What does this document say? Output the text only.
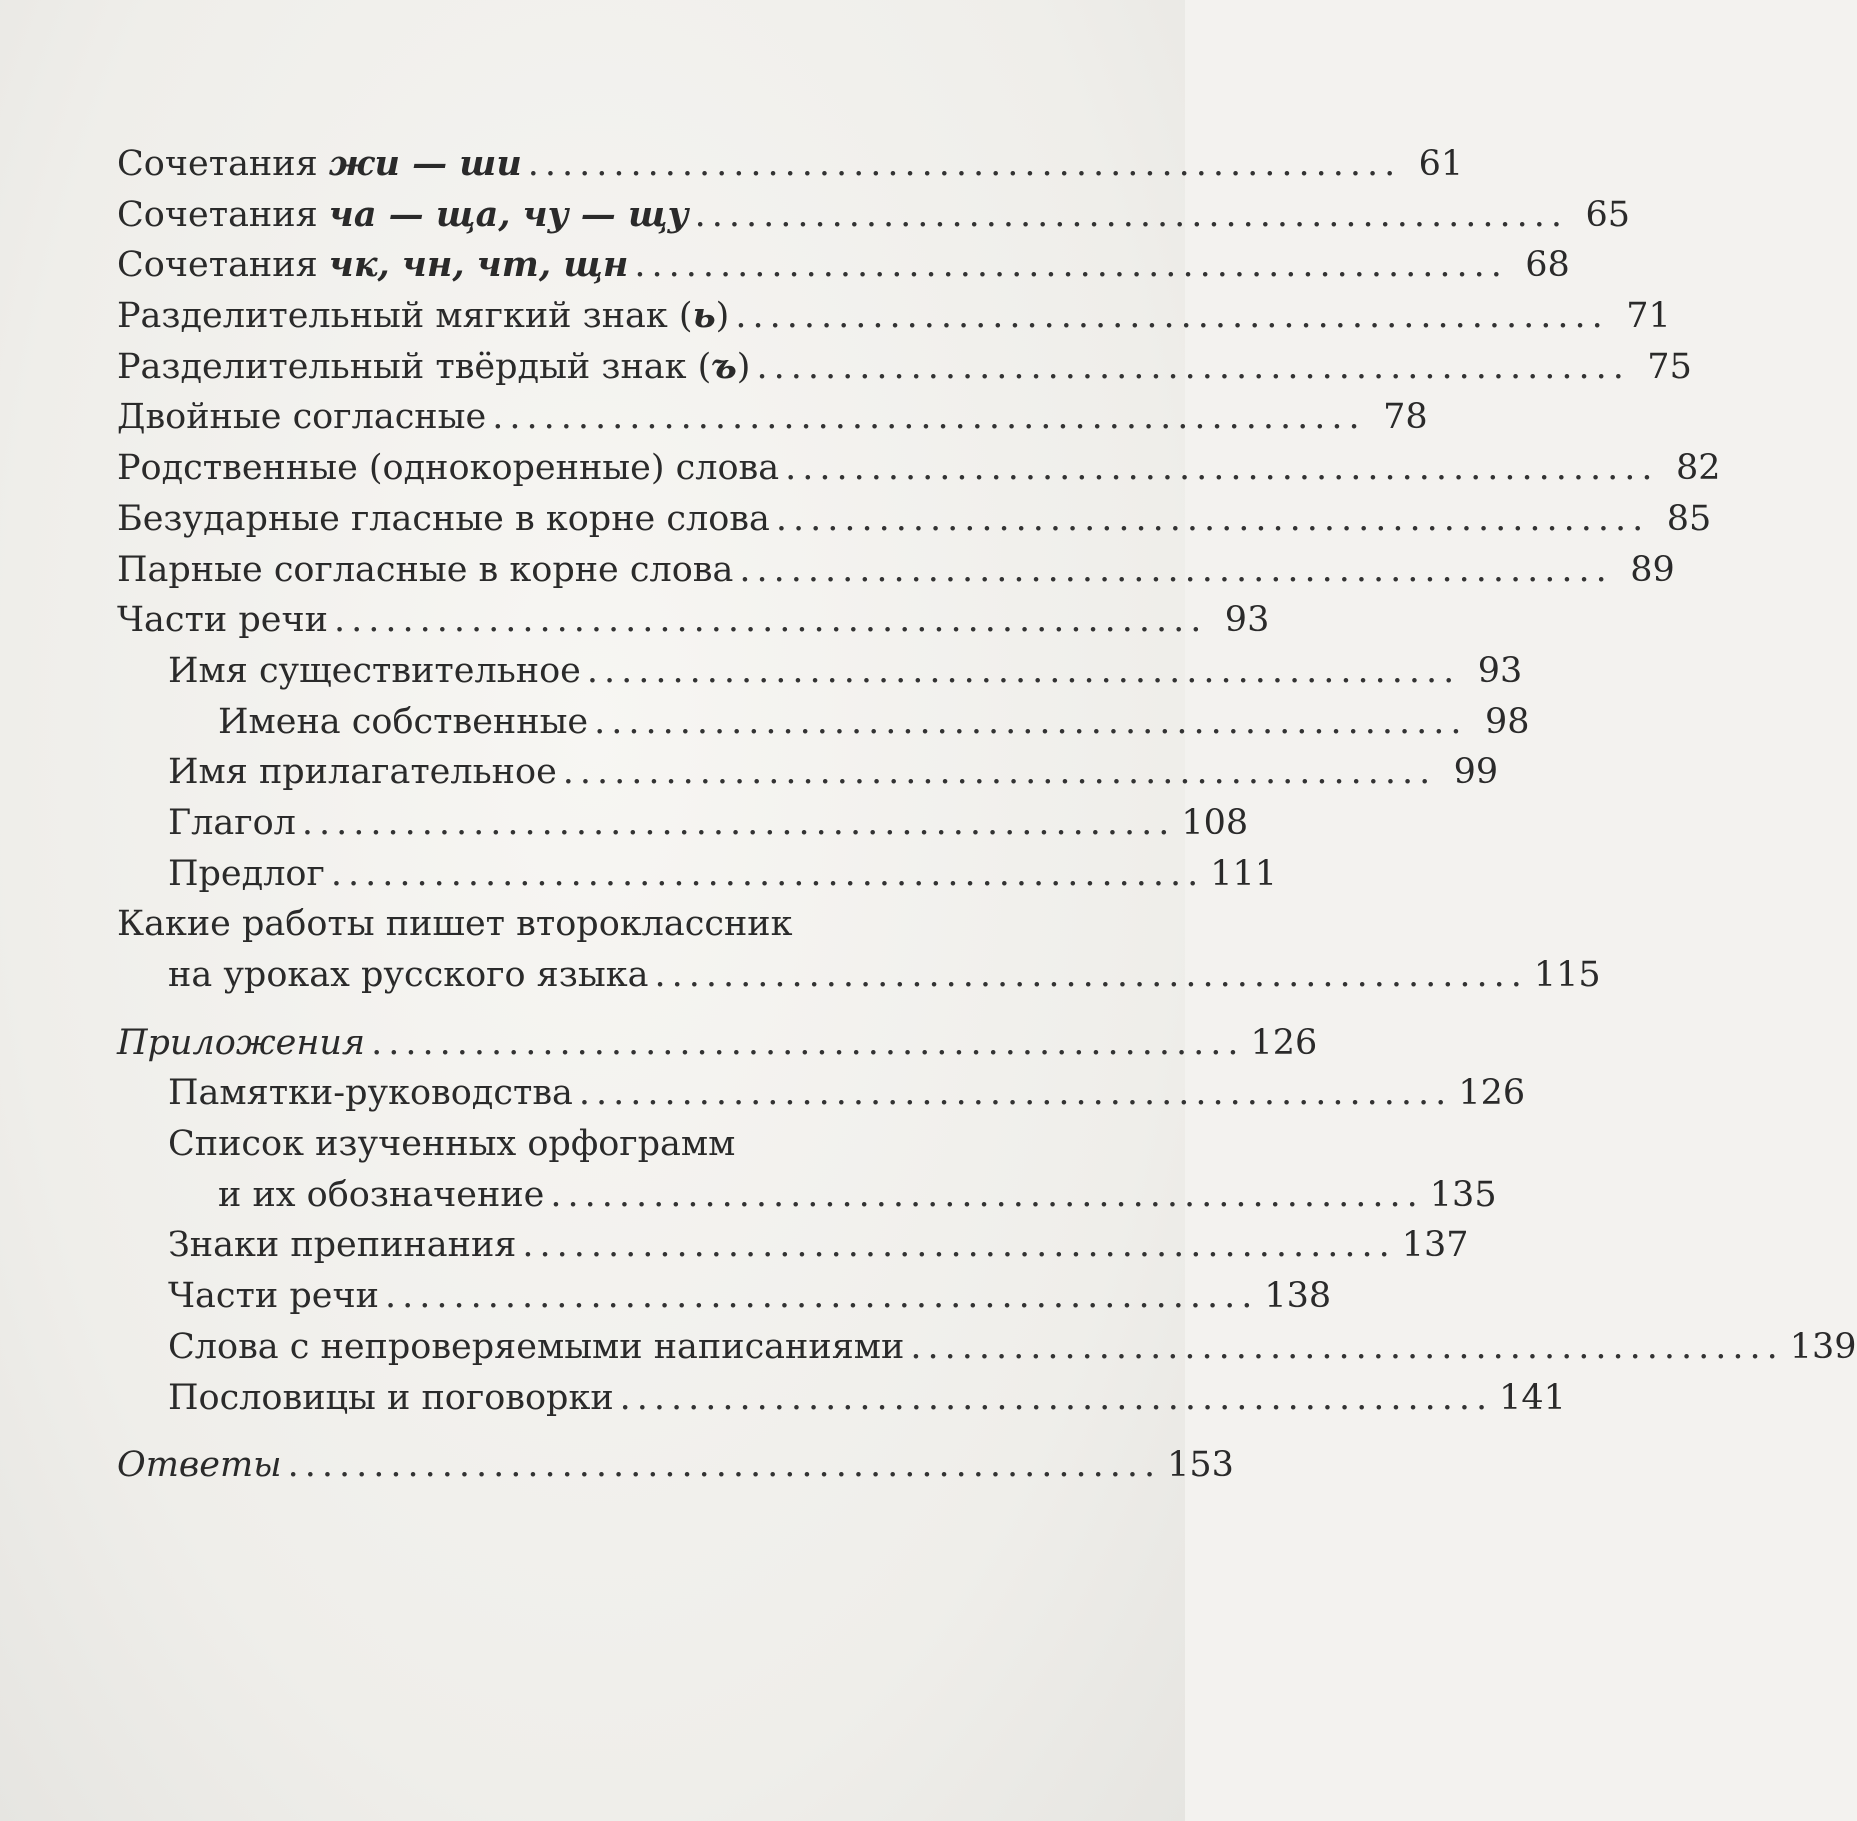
Сочетания жи — ши ................................................... 61
Сочетания ча — ща, чу — щу ................................................... 65
Сочетания чк, чн, чт, щн ................................................... 68
Разделительный мягкий знак (ь) ................................................... 71
Разделительный твёрдый знак (ъ) ................................................... 75
Двойные согласные ................................................... 78
Родственные (однокоренные) слова ................................................... 82
Безударные гласные в корне слова ................................................... 85
Парные согласные в корне слова ................................................... 89
Части речи ................................................... 93
Имя существительное ................................................... 93
Имена собственные ................................................... 98
Имя прилагательное ................................................... 99
Глагол ................................................... 108
Предлог ................................................... 111
Какие работы пишет второклассник
на уроках русского языка ................................................... 115
Приложения ................................................... 126
Памятки-руководства ................................................... 126
Список изученных орфограмм
и их обозначение ................................................... 135
Знаки препинания ................................................... 137
Части речи ................................................... 138
Слова с непроверяемыми написаниями ................................................... 139
Пословицы и поговорки ................................................... 141
Ответы ................................................... 153
